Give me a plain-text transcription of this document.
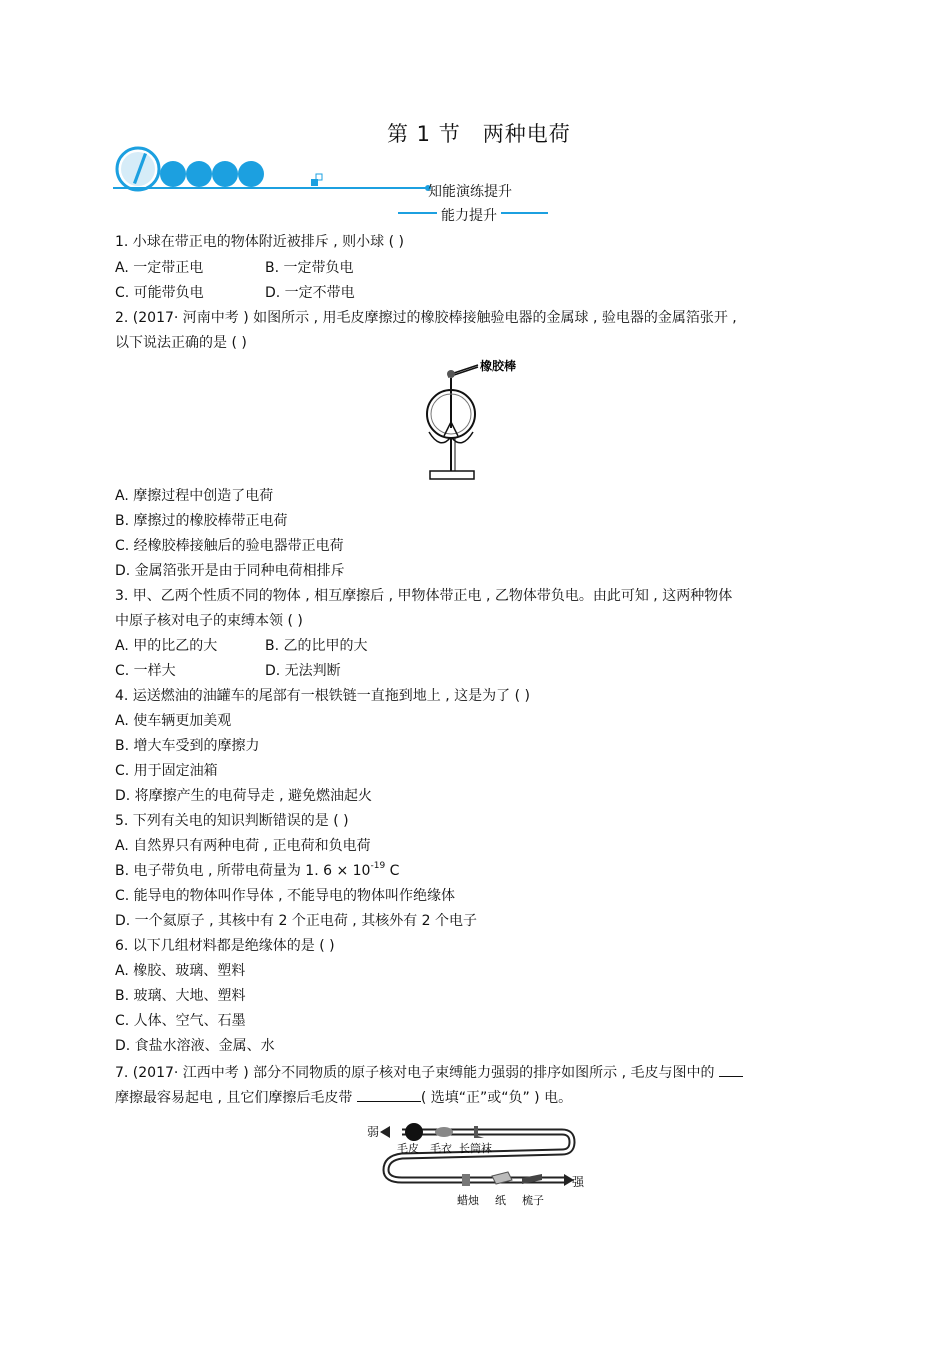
第 1 节 两种电荷
知能演练提升
能力提升
1. 小球在带正电的物体附近被排斥 , 则小球 ( )
A. 一定带正电	B. 一定带负电
C. 可能带负电	D. 一定不带电
2. (2017· 河南中考 ) 如图所示 , 用毛皮摩擦过的橡胶棒接触验电器的金属球 , 验电器的金属箔张开 ,
以下说法正确的是 ( )
橡胶棒
A. 摩擦过程中创造了电荷
B. 摩擦过的橡胶棒带正电荷
C. 经橡胶棒接触后的验电器带正电荷
D. 金属箔张开是由于同种电荷相排斥
3. 甲、乙两个性质不同的物体 , 相互摩擦后 , 甲物体带正电 , 乙物体带负电。由此可知 , 这两种物体
中原子核对电子的束缚本领 ( )
A. 甲的比乙的大	B. 乙的比甲的大
C. 一样大	D. 无法判断
4. 运送燃油的油罐车的尾部有一根铁链一直拖到地上 , 这是为了 ( )
A. 使车辆更加美观
B. 增大车受到的摩擦力
C. 用于固定油箱
D. 将摩擦产生的电荷导走 , 避免燃油起火
5. 下列有关电的知识判断错误的是 ( )
A. 自然界只有两种电荷 , 正电荷和负电荷
B. 电子带负电 , 所带电荷量为 1. $6 \times 10^{-19}$ C
C. 能导电的物体叫作导体 , 不能导电的物体叫作绝缘体
D. 一个氦原子 , 其核中有 2 个正电荷 , 其核外有 2 个电子
6. 以下几组材料都是绝缘体的是 ( )
A. 橡胶、玻璃、塑料
B. 玻璃、大地、塑料
C. 人体、空气、石墨
D. 食盐水溶液、金属、水
7. (2017· 江西中考 ) 部分不同物质的原子核对电子束缚能力强弱的排序如图所示 , 毛皮与图中的
摩擦最容易起电 , 且它们摩擦后毛皮带	( 选填“正”或“负” ) 电。
弱
强
毛皮 毛衣 长筒袜
蜡烛 纸 梳子
